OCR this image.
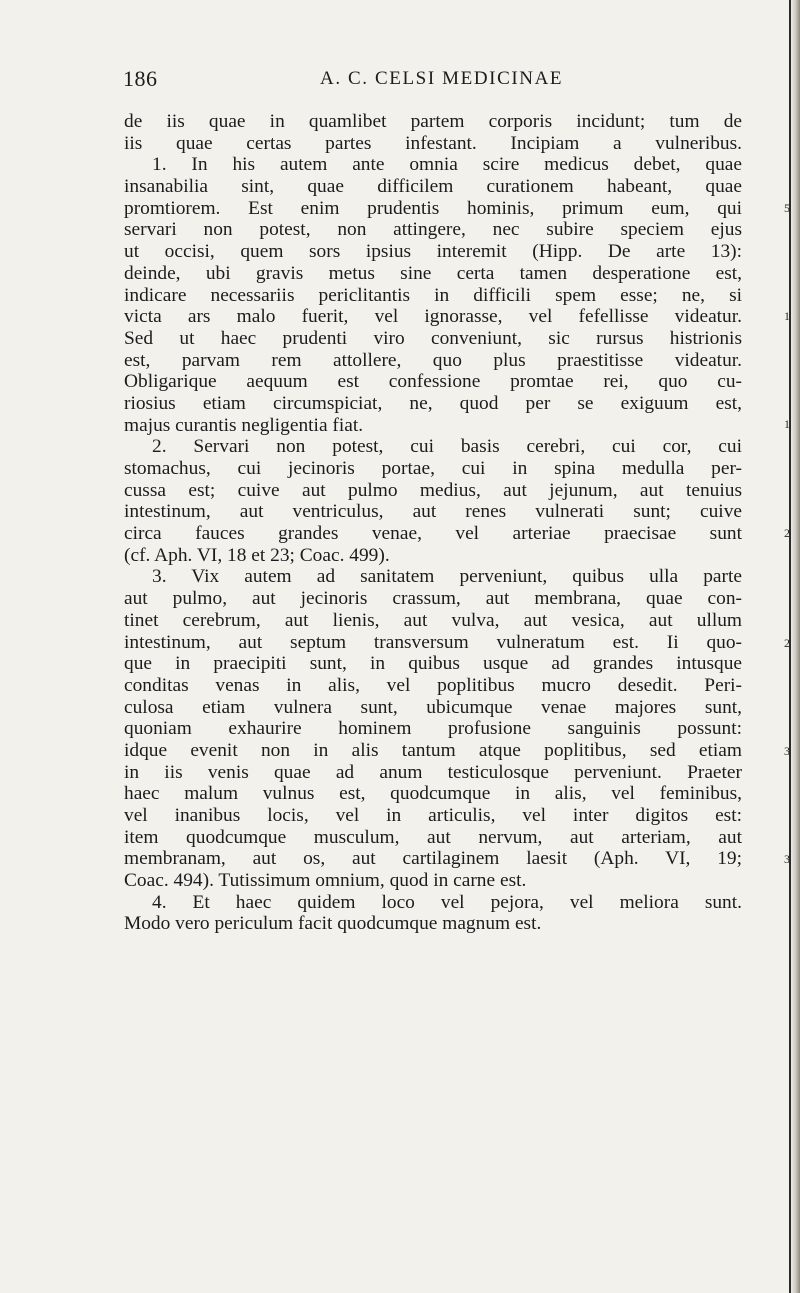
186	A. C. CELSI MEDICINAE
de iis quae in quamlibet partem corporis incidunt; tum de
iis quae certas partes infestant. Incipiam a vulneribus.
1. In his autem ante omnia scire medicus debet, quae
insanabilia sint, quae difficilem curationem habeant, quae
promtiorem. Est enim prudentis hominis, primum eum, qui
servari non potest, non attingere, nec subire speciem ejus
ut occisi, quem sors ipsius interemit (Hipp. De arte 13):
deinde, ubi gravis metus sine certa tamen desperatione est,
indicare necessariis periclitantis in difficili spem esse; ne, si
victa ars malo fuerit, vel ignorasse, vel fefellisse videatur.
Sed ut haec prudenti viro conveniunt, sic rursus histrionis
est, parvam rem attollere, quo plus praestitisse videatur.
Obligarique aequum est confessione promtae rei, quo cu-
riosius etiam circumspiciat, ne, quod per se exiguum est,
majus curantis negligentia fiat.
2. Servari non potest, cui basis cerebri, cui cor, cui
stomachus, cui jecinoris portae, cui in spina medulla per-
cussa est; cuive aut pulmo medius, aut jejunum, aut tenuius
intestinum, aut ventriculus, aut renes vulnerati sunt; cuive
circa fauces grandes venae, vel arteriae praecisae sunt
(cf. Aph. VI, 18 et 23; Coac. 499).
3. Vix autem ad sanitatem perveniunt, quibus ulla parte
aut pulmo, aut jecinoris crassum, aut membrana, quae con-
tinet cerebrum, aut lienis, aut vulva, aut vesica, aut ullum
intestinum, aut septum transversum vulneratum est. Ii quo-
que in praecipiti sunt, in quibus usque ad grandes intusque
conditas venas in alis, vel poplitibus mucro desedit. Peri-
culosa etiam vulnera sunt, ubicumque venae majores sunt,
quoniam exhaurire hominem profusione sanguinis possunt:
idque evenit non in alis tantum atque poplitibus, sed etiam
in iis venis quae ad anum testiculosque perveniunt. Praeter
haec malum vulnus est, quodcumque in alis, vel feminibus,
vel inanibus locis, vel in articulis, vel inter digitos est:
item quodcumque musculum, aut nervum, aut arteriam, aut
membranam, aut os, aut cartilaginem laesit (Aph. VI, 19;
Coac. 494). Tutissimum omnium, quod in carne est.
4. Et haec quidem loco vel pejora, vel meliora sunt.
Modo vero periculum facit quodcumque magnum est.
5
1
1
2
2
3
3
